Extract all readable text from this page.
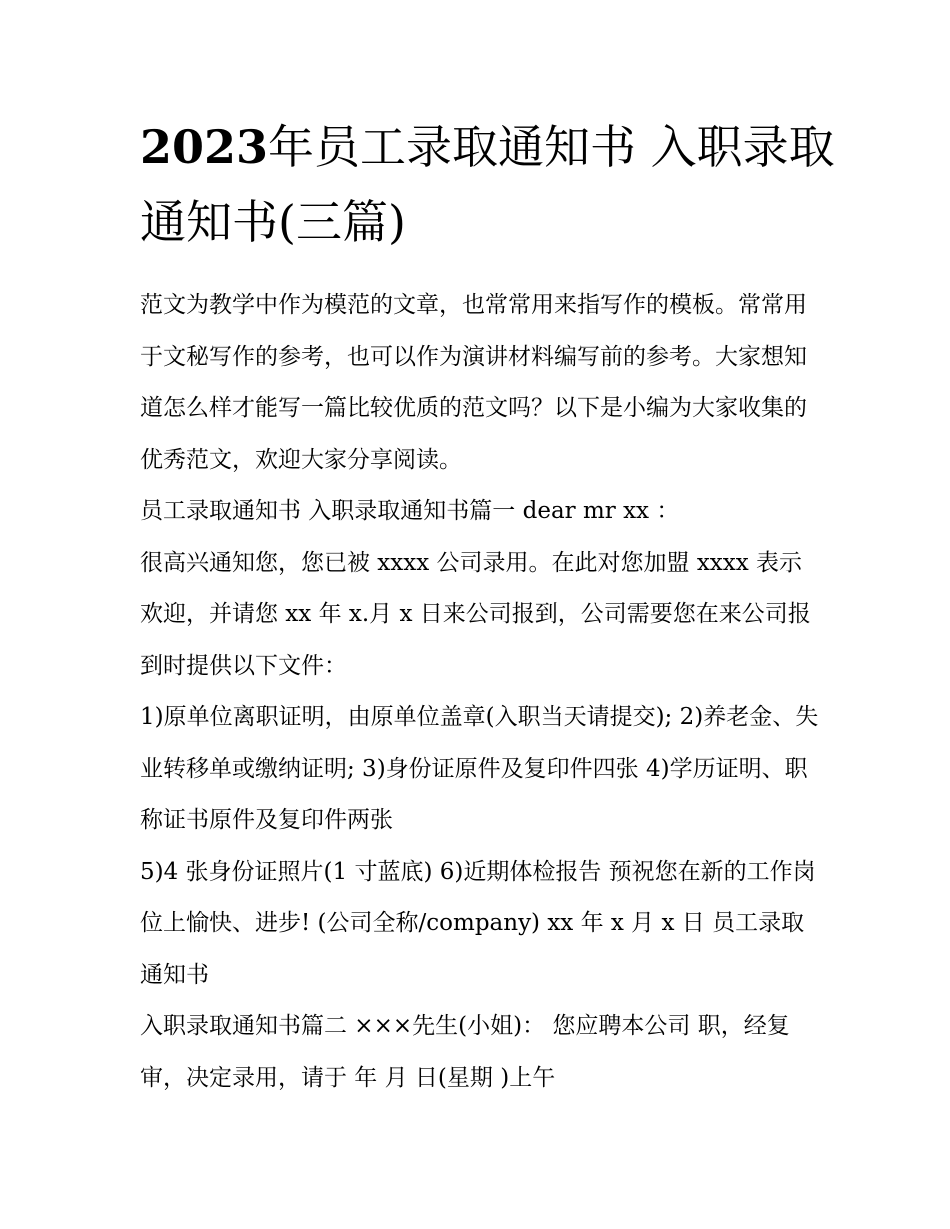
2023年员工录取通知书 入职录取通知书(三篇)

范文为教学中作为模范的文章，也常常用来指写作的模板。常常用于文秘写作的参考，也可以作为演讲材料编写前的参考。大家想知道怎么样才能写一篇比较优质的范文吗？以下是小编为大家收集的优秀范文，欢迎大家分享阅读。

员工录取通知书 入职录取通知书篇一 dear mr xx ：

很高兴通知您，您已被 xxxx 公司录用。在此对您加盟 xxxx 表示欢迎，并请您 xx 年 x.月 x 日来公司报到，公司需要您在来公司报到时提供以下文件：

1)原单位离职证明，由原单位盖章(入职当天请提交); 2)养老金、失业转移单或缴纳证明; 3)身份证原件及复印件四张 4)学历证明、职称证书原件及复印件两张

5)4 张身份证照片(1 寸蓝底) 6)近期体检报告 预祝您在新的工作岗位上愉快、进步! (公司全称/company) xx 年 x 月 x 日 员工录取通知书

入职录取通知书篇二 ×××先生(小姐)： 您应聘本公司 职，经复审，决定录用，请于 年 月 日(星期 )上午
